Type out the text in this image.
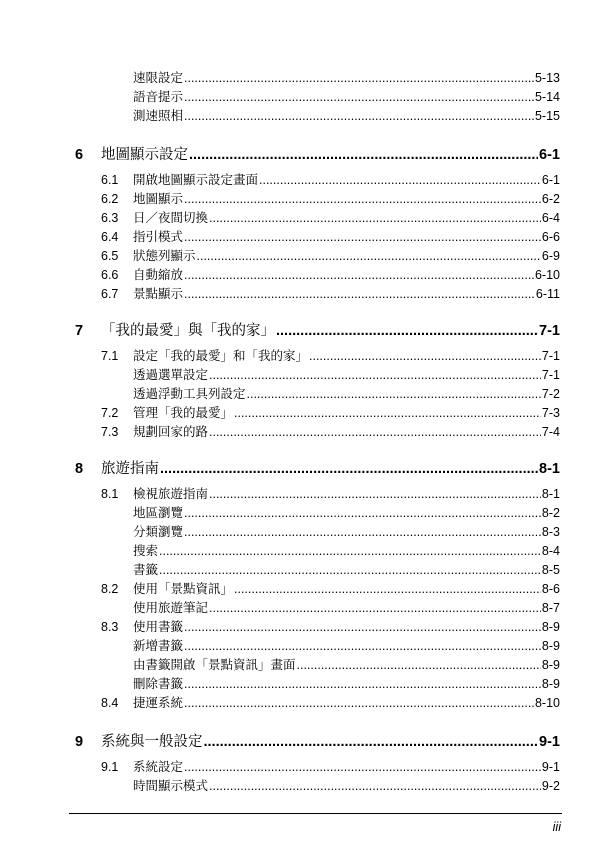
速限設定 .....	5-13
語音提示 .....	5-14
測速照相 .....	5-15
6 地圖顯示設定 .....	6-1
6.1 開啟地圖顯示設定畫面 .....	6-1
6.2 地圖顯示 .....	6-2
6.3 日／夜間切換 .....	6-4
6.4 指引模式 .....	6-6
6.5 狀態列顯示 .....	6-9
6.6 自動縮放 .....	6-10
6.7 景點顯示 .....	6-11
7 「我的最愛」與「我的家」 .....	7-1
7.1 設定「我的最愛」和「我的家」 .....	7-1
透過選單設定 .....	7-1
透過浮動工具列設定 .....	7-2
7.2 管理「我的最愛」 .....	7-3
7.3 規劃回家的路 .....	7-4
8 旅遊指南 .....	8-1
8.1 檢視旅遊指南 .....	8-1
地區瀏覽 .....	8-2
分類瀏覽 .....	8-3
搜索 .....	8-4
書籤 .....	8-5
8.2 使用「景點資訊」 .....	8-6
使用旅遊筆記 .....	8-7
8.3 使用書籤 .....	8-9
新增書籤 .....	8-9
由書籤開啟「景點資訊」畫面 .....	8-9
刪除書籤 .....	8-9
8.4 捷運系統 .....	8-10
9 系統與一般設定 .....	9-1
9.1 系統設定 .....	9-1
時間顯示模式 .....	9-2
iii
